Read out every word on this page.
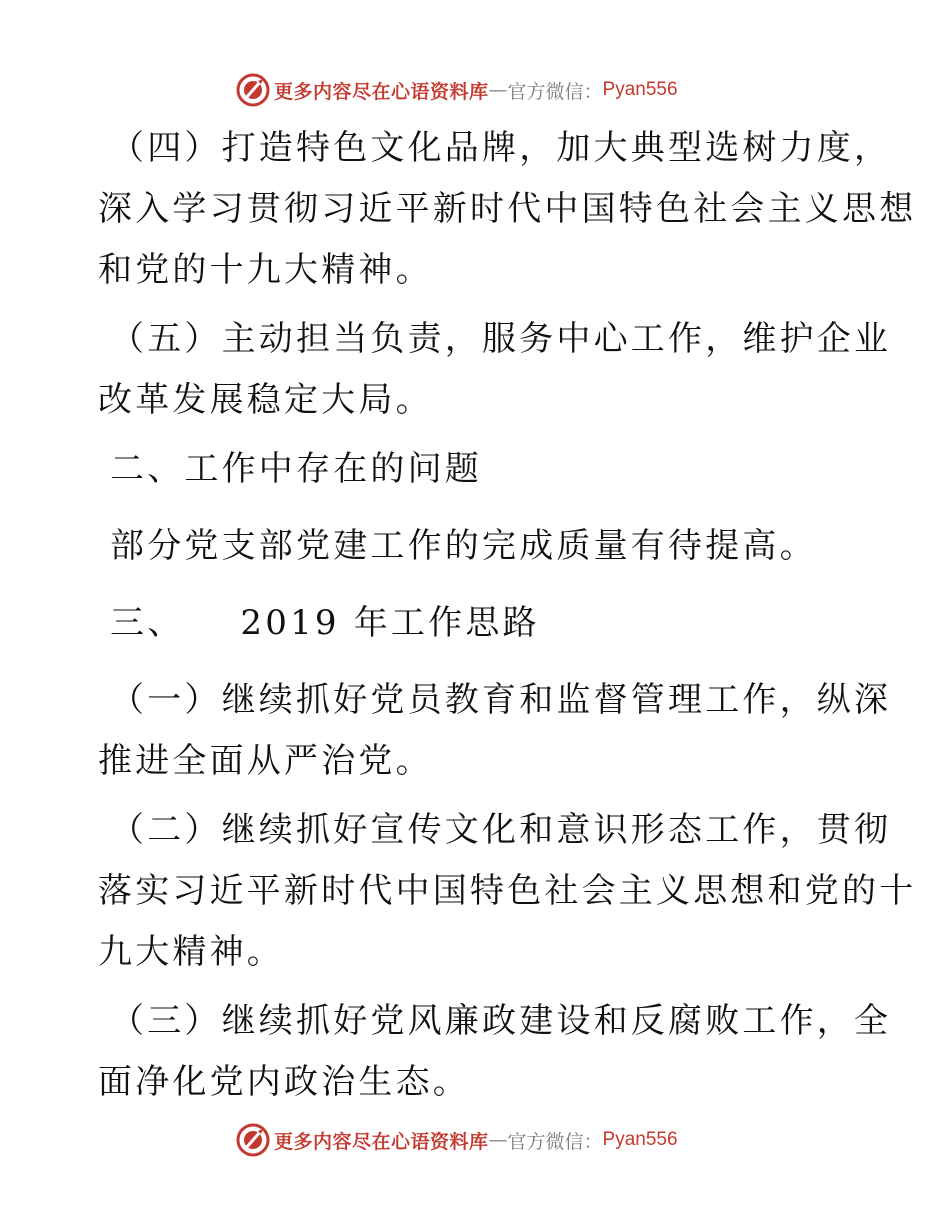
更多内容尽在心语资料库 — 官方微信： Pyan556
（四）打造特色文化品牌，加大典型选树力度，
深入学习贯彻习近平新时代中国特色社会主义思想
和党的十九大精神。
（五）主动担当负责，服务中心工作，维护企业
改革发展稳定大局。
二、工作中存在的问题
部分党支部党建工作的完成质量有待提高。
三、    2019 年工作思路
（一）继续抓好党员教育和监督管理工作，纵深
推进全面从严治党。
（二）继续抓好宣传文化和意识形态工作，贯彻
落实习近平新时代中国特色社会主义思想和党的十
九大精神。
（三）继续抓好党风廉政建设和反腐败工作，全
面净化党内政治生态。
更多内容尽在心语资料库 — 官方微信： Pyan556
